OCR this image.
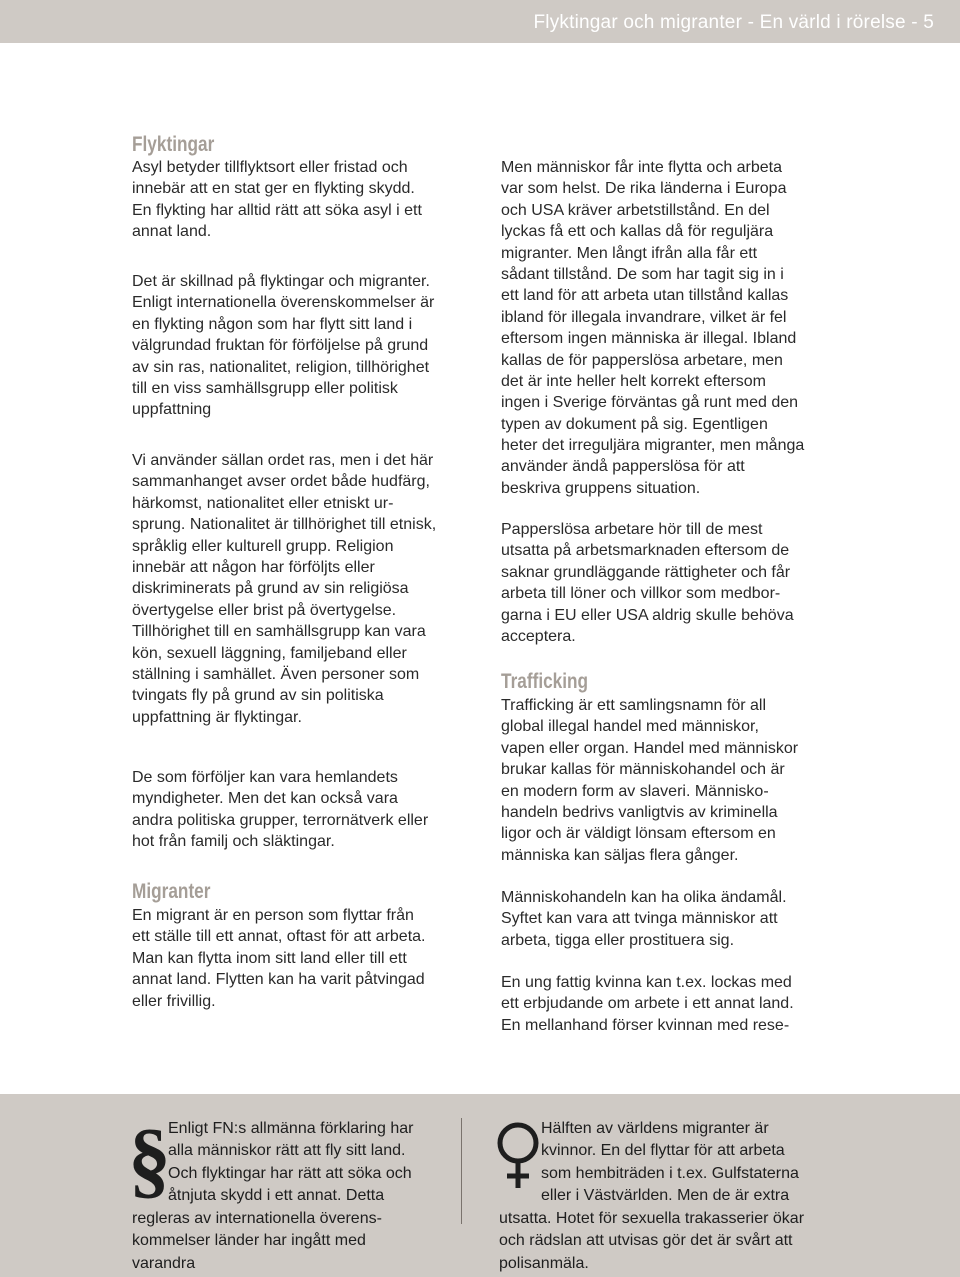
Flyktingar och migranter - En värld i rörelse - 5
Flyktingar
Asyl betyder tillflyktsort eller fristad och
innebär att en stat ger en flykting skydd.
En flykting har alltid rätt att söka asyl i ett
annat land.
Det är skillnad på flyktingar och migranter.
Enligt internationella överenskommelser är
en flykting någon som har flytt sitt land i
välgrundad fruktan för förföljelse på grund
av sin ras, nationalitet, religion, tillhörighet
till en viss samhällsgrupp eller politisk
uppfattning
Vi använder sällan ordet ras, men i det här
sammanhanget avser ordet både hudfärg,
härkomst, nationalitet eller etniskt ur-
sprung. Nationalitet är tillhörighet till etnisk,
språklig eller kulturell grupp. Religion
innebär att någon har förföljts eller
diskriminerats på grund av sin religiösa
övertygelse eller brist på övertygelse.
Tillhörighet till en samhällsgrupp kan vara
kön, sexuell läggning, familjeband eller
ställning i samhället. Även personer som
tvingats fly på grund av sin politiska
uppfattning är flyktingar.
De som förföljer kan vara hemlandets
myndigheter. Men det kan också vara
andra politiska grupper, terrornätverk eller
hot från familj och släktingar.
Migranter
En migrant är en person som flyttar från
ett ställe till ett annat, oftast för att arbeta.
Man kan flytta inom sitt land eller till ett
annat land. Flytten kan ha varit påtvingad
eller frivillig.
Men människor får inte flytta och arbeta
var som helst. De rika länderna i Europa
och USA kräver arbetstillstånd. En del
lyckas få ett och kallas då för reguljära
migranter. Men långt ifrån alla får ett
sådant tillstånd. De som har tagit sig in i
ett land för att arbeta utan tillstånd kallas
ibland för illegala invandrare, vilket är fel
eftersom ingen människa är illegal. Ibland
kallas de för papperslösa arbetare, men
det är inte heller helt korrekt eftersom
ingen i Sverige förväntas gå runt med den
typen av dokument på sig. Egentligen
heter det irreguljära migranter, men många
använder ändå papperslösa för att
beskriva gruppens situation.
Papperslösa arbetare hör till de mest
utsatta på arbetsmarknaden eftersom de
saknar grundläggande rättigheter och får
arbeta till löner och villkor som medbor-
garna i EU eller USA aldrig skulle behöva
acceptera.
Trafficking
Trafficking är ett samlingsnamn för all
global illegal handel med människor,
vapen eller organ. Handel med människor
brukar kallas för människohandel och är
en modern form av slaveri. Människo-
handeln bedrivs vanligtvis av kriminella
ligor och är väldigt lönsam eftersom en
människa kan säljas flera gånger.
Människohandeln kan ha olika ändamål.
Syftet kan vara att tvinga människor att
arbeta, tigga eller prostituera sig.
En ung fattig kvinna kan t.ex. lockas med
ett erbjudande om arbete i ett annat land.
En mellanhand förser kvinnan med rese-
§
Enligt FN:s allmänna förklaring har
alla människor rätt att fly sitt land.
Och flyktingar har rätt att söka och
åtnjuta skydd i ett annat. Detta
regleras av internationella överens-
kommelser länder har ingått med
varandra
Hälften av världens migranter är
kvinnor. En del flyttar för att arbeta
som hembiträden i t.ex. Gulfstaterna
eller i Västvärlden. Men de är extra
utsatta. Hotet för sexuella trakasserier ökar
och rädslan att utvisas gör det är svårt att
polisanmäla.
